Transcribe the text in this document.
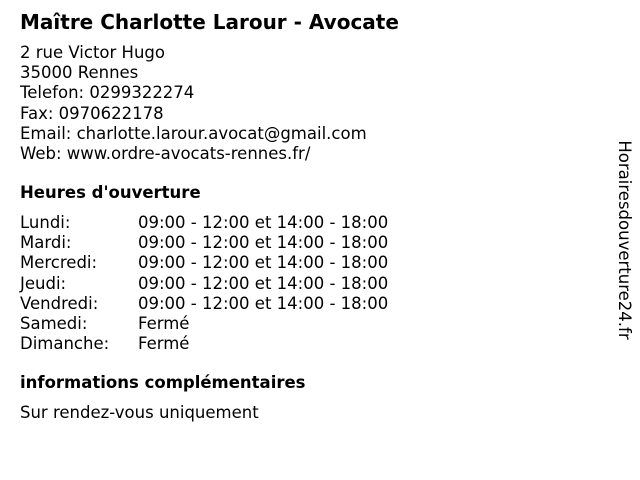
Maître Charlotte Larour - Avocate
2 rue Victor Hugo
35000 Rennes
Telefon: 0299322274
Fax: 0970622178
Email: charlotte.larour.avocat@gmail.com
Web: www.ordre-avocats-rennes.fr/
Heures d'ouverture
Lundi:	09:00 - 12:00 et 14:00 - 18:00
Mardi:	09:00 - 12:00 et 14:00 - 18:00
Mercredi: 09:00 - 12:00 et 14:00 - 18:00
Jeudi:	09:00 - 12:00 et 14:00 - 18:00
Vendredi: 09:00 - 12:00 et 14:00 - 18:00
Samedi:	Fermé
Dimanche: Fermé
informations complémentaires
Sur rendez-vous uniquement
Horairesdouverture24.fr
